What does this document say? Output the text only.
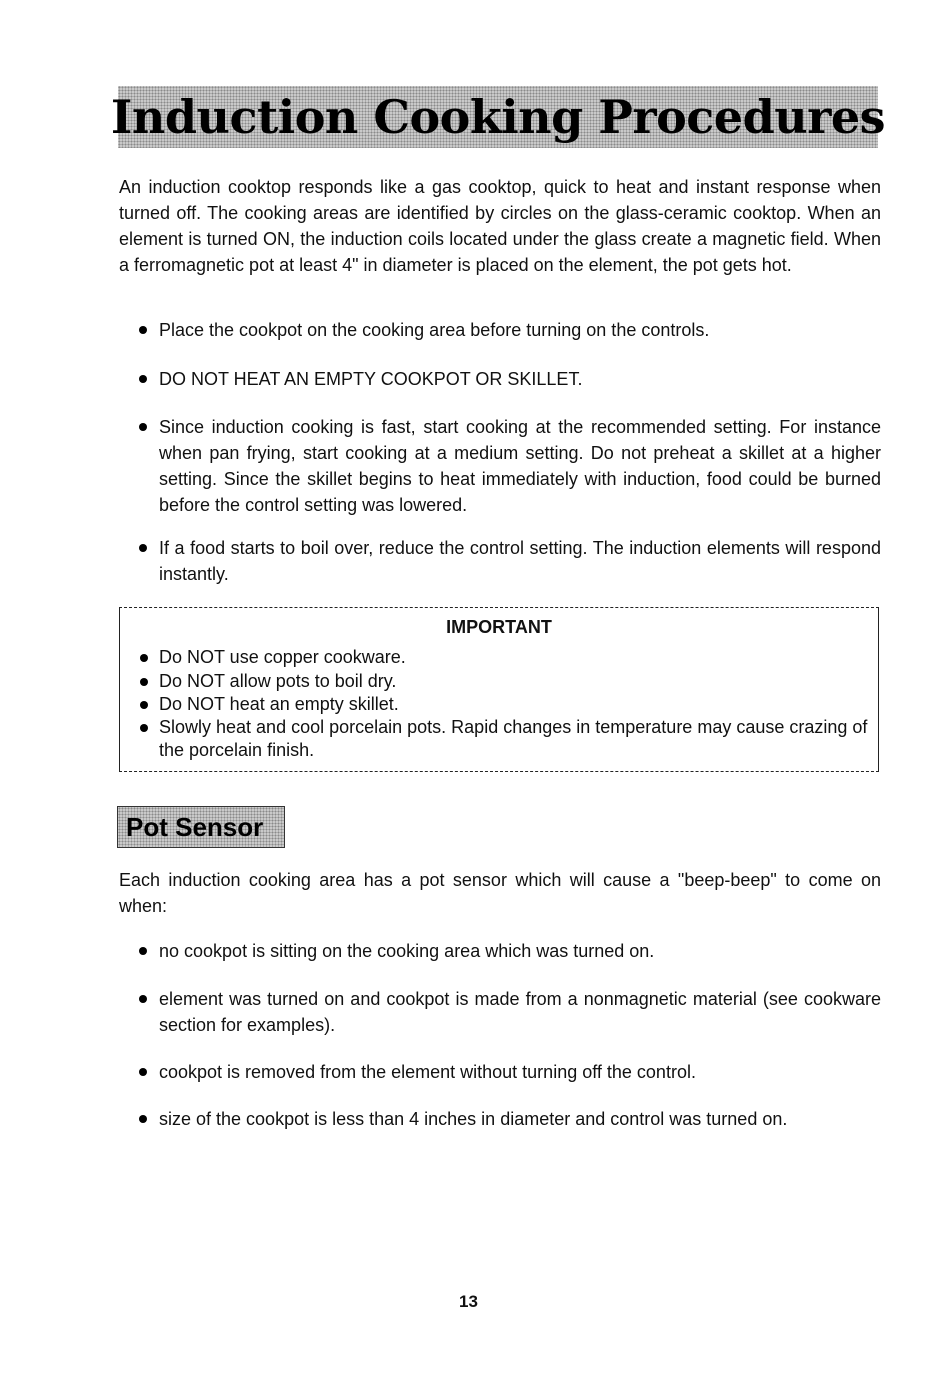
Induction Cooking Procedures

An induction cooktop responds like a gas cooktop, quick to heat and instant response when turned off. The cooking areas are identified by circles on the glass-ceramic cooktop. When an element is turned ON, the induction coils located under the glass create a magnetic field. When a ferromagnetic pot at least 4" in diameter is placed on the element, the pot gets hot.

Place the cookpot on the cooking area before turning on the controls.

DO NOT HEAT AN EMPTY COOKPOT OR SKILLET.

Since induction cooking is fast, start cooking at the recommended setting. For instance when pan frying, start cooking at a medium setting. Do not preheat a skillet at a higher setting. Since the skillet begins to heat immediately with induction, food could be burned before the control setting was lowered.

If a food starts to boil over, reduce the control setting. The induction elements will respond instantly.

IMPORTANT

Do NOT use copper cookware.

Do NOT allow pots to boil dry.

Do NOT heat an empty skillet.

Slowly heat and cool porcelain pots. Rapid changes in temperature may cause crazing of the porcelain finish.

Pot Sensor

Each induction cooking area has a pot sensor which will cause a "beep-beep" to come on when:

no cookpot is sitting on the cooking area which was turned on.

element was turned on and cookpot is made from a nonmagnetic material (see cookware section for examples).

cookpot is removed from the element without turning off the control.

size of the cookpot is less than 4 inches in diameter and control was turned on.

13
